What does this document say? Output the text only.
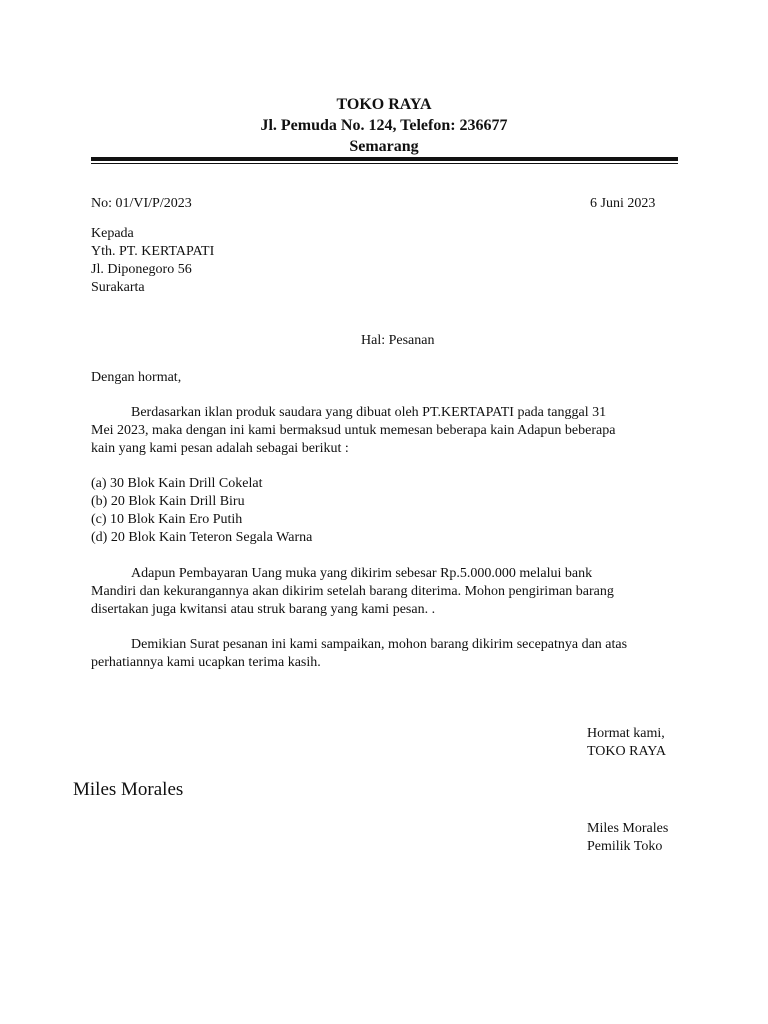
TOKO RAYA
Jl. Pemuda No. 124, Telefon: 236677
Semarang
No: 01/VI/P/2023	6 Juni 2023
Kepada
Yth. PT. KERTAPATI
Jl. Diponegoro 56
Surakarta
Hal: Pesanan
Dengan hormat,
Berdasarkan iklan produk saudara yang dibuat oleh PT.KERTAPATI pada tanggal 31
Mei 2023, maka dengan ini kami bermaksud untuk memesan beberapa kain Adapun beberapa
kain yang kami pesan adalah sebagai berikut :
(a) 30 Blok Kain Drill Cokelat
(b) 20 Blok Kain Drill Biru
(c) 10 Blok Kain Ero Putih
(d) 20 Blok Kain Teteron Segala Warna
Adapun Pembayaran Uang muka yang dikirim sebesar Rp.5.000.000 melalui bank
Mandiri dan kekurangannya akan dikirim setelah barang diterima. Mohon pengiriman barang
disertakan juga kwitansi atau struk barang yang kami pesan. .
Demikian Surat pesanan ini kami sampaikan, mohon barang dikirim secepatnya dan atas
perhatiannya kami ucapkan terima kasih.
Hormat kami,
TOKO RAYA
Miles Morales
Miles Morales
Pemilik Toko
